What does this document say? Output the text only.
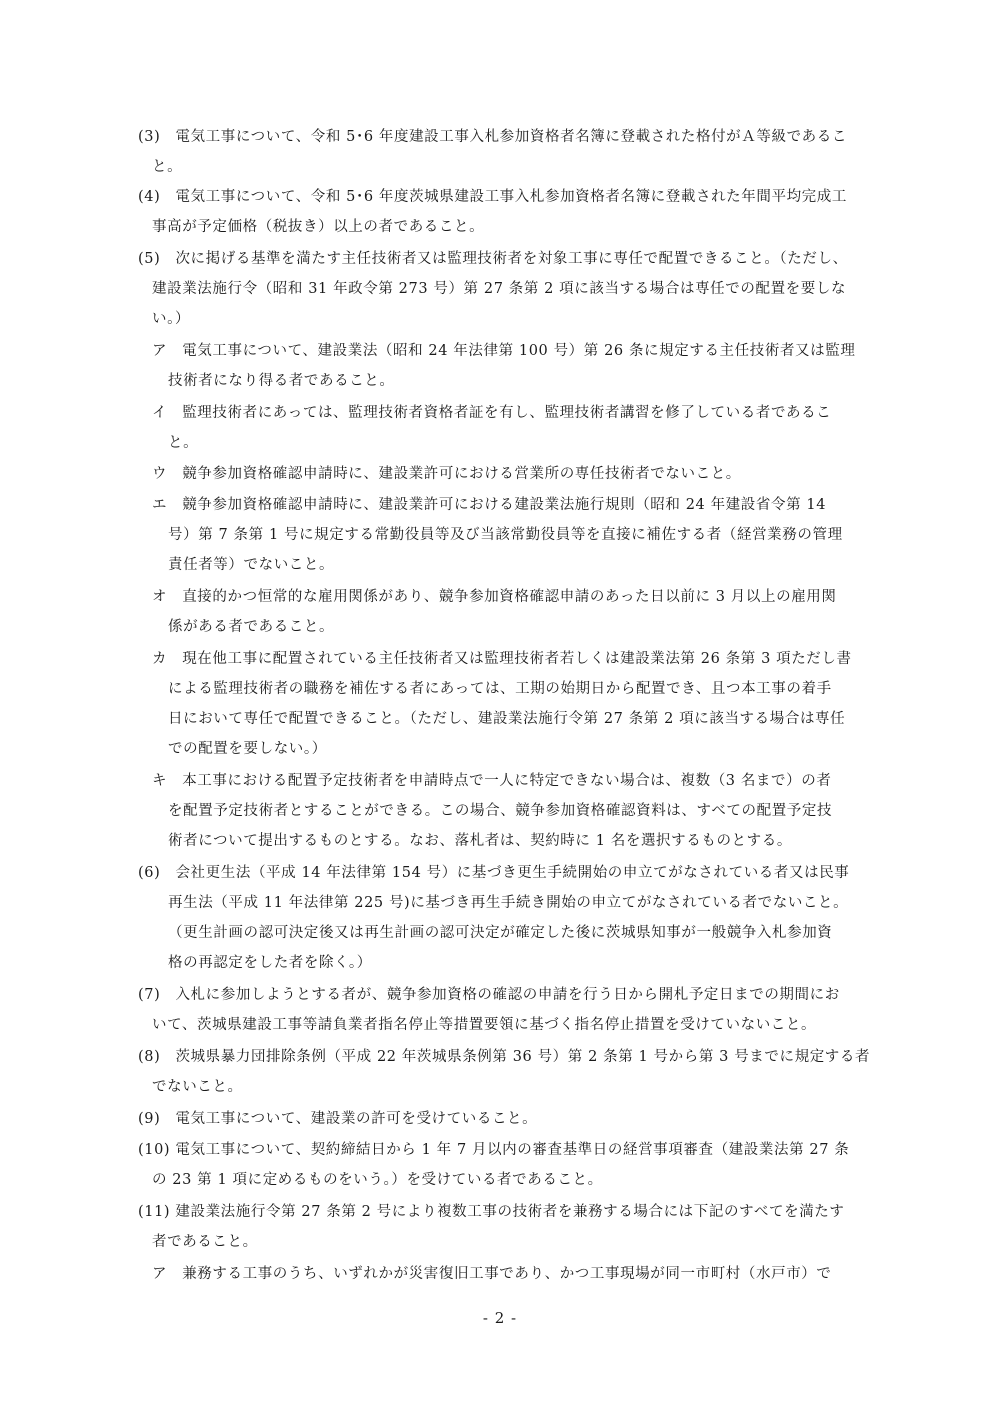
(3)　電気工事について、令和 5･6 年度建設工事入札参加資格者名簿に登載された格付がＡ等級であるこ
と。
(4)　電気工事について、令和 5･6 年度茨城県建設工事入札参加資格者名簿に登載された年間平均完成工
事高が予定価格（税抜き）以上の者であること。
(5)　次に掲げる基準を満たす主任技術者又は監理技術者を対象工事に専任で配置できること。（ただし、
建設業法施行令（昭和 31 年政令第 273 号）第 27 条第 2 項に該当する場合は専任での配置を要しな
い。）
ア　電気工事について、建設業法（昭和 24 年法律第 100 号）第 26 条に規定する主任技術者又は監理
技術者になり得る者であること。
イ　監理技術者にあっては、監理技術者資格者証を有し、監理技術者講習を修了している者であるこ
と。
ウ　競争参加資格確認申請時に、建設業許可における営業所の専任技術者でないこと。
エ　競争参加資格確認申請時に、建設業許可における建設業法施行規則（昭和 24 年建設省令第 14
号）第 7 条第 1 号に規定する常勤役員等及び当該常勤役員等を直接に補佐する者（経営業務の管理
責任者等）でないこと。
オ　直接的かつ恒常的な雇用関係があり、競争参加資格確認申請のあった日以前に 3 月以上の雇用関
係がある者であること。
カ　現在他工事に配置されている主任技術者又は監理技術者若しくは建設業法第 26 条第 3 項ただし書
による監理技術者の職務を補佐する者にあっては、工期の始期日から配置でき、且つ本工事の着手
日において専任で配置できること。（ただし、建設業法施行令第 27 条第 2 項に該当する場合は専任
での配置を要しない。）
キ　本工事における配置予定技術者を申請時点で一人に特定できない場合は、複数（3 名まで）の者
を配置予定技術者とすることができる。この場合、競争参加資格確認資料は、すべての配置予定技
術者について提出するものとする。なお、落札者は、契約時に 1 名を選択するものとする。
(6)　会社更生法（平成 14 年法律第 154 号）に基づき更生手続開始の申立てがなされている者又は民事
再生法（平成 11 年法律第 225 号)に基づき再生手続き開始の申立てがなされている者でないこと。
（更生計画の認可決定後又は再生計画の認可決定が確定した後に茨城県知事が一般競争入札参加資
格の再認定をした者を除く。）
(7)　入札に参加しようとする者が、競争参加資格の確認の申請を行う日から開札予定日までの期間にお
いて、茨城県建設工事等請負業者指名停止等措置要領に基づく指名停止措置を受けていないこと。
(8)　茨城県暴力団排除条例（平成 22 年茨城県条例第 36 号）第 2 条第 1 号から第 3 号までに規定する者
でないこと。
(9)　電気工事について、建設業の許可を受けていること。
(10) 電気工事について、契約締結日から 1 年 7 月以内の審査基準日の経営事項審査（建設業法第 27 条
の 23 第 1 項に定めるものをいう。）を受けている者であること。
(11) 建設業法施行令第 27 条第 2 号により複数工事の技術者を兼務する場合には下記のすべてを満たす
者であること。
ア　兼務する工事のうち、いずれかが災害復旧工事であり、かつ工事現場が同一市町村（水戸市）で
- 2 -
